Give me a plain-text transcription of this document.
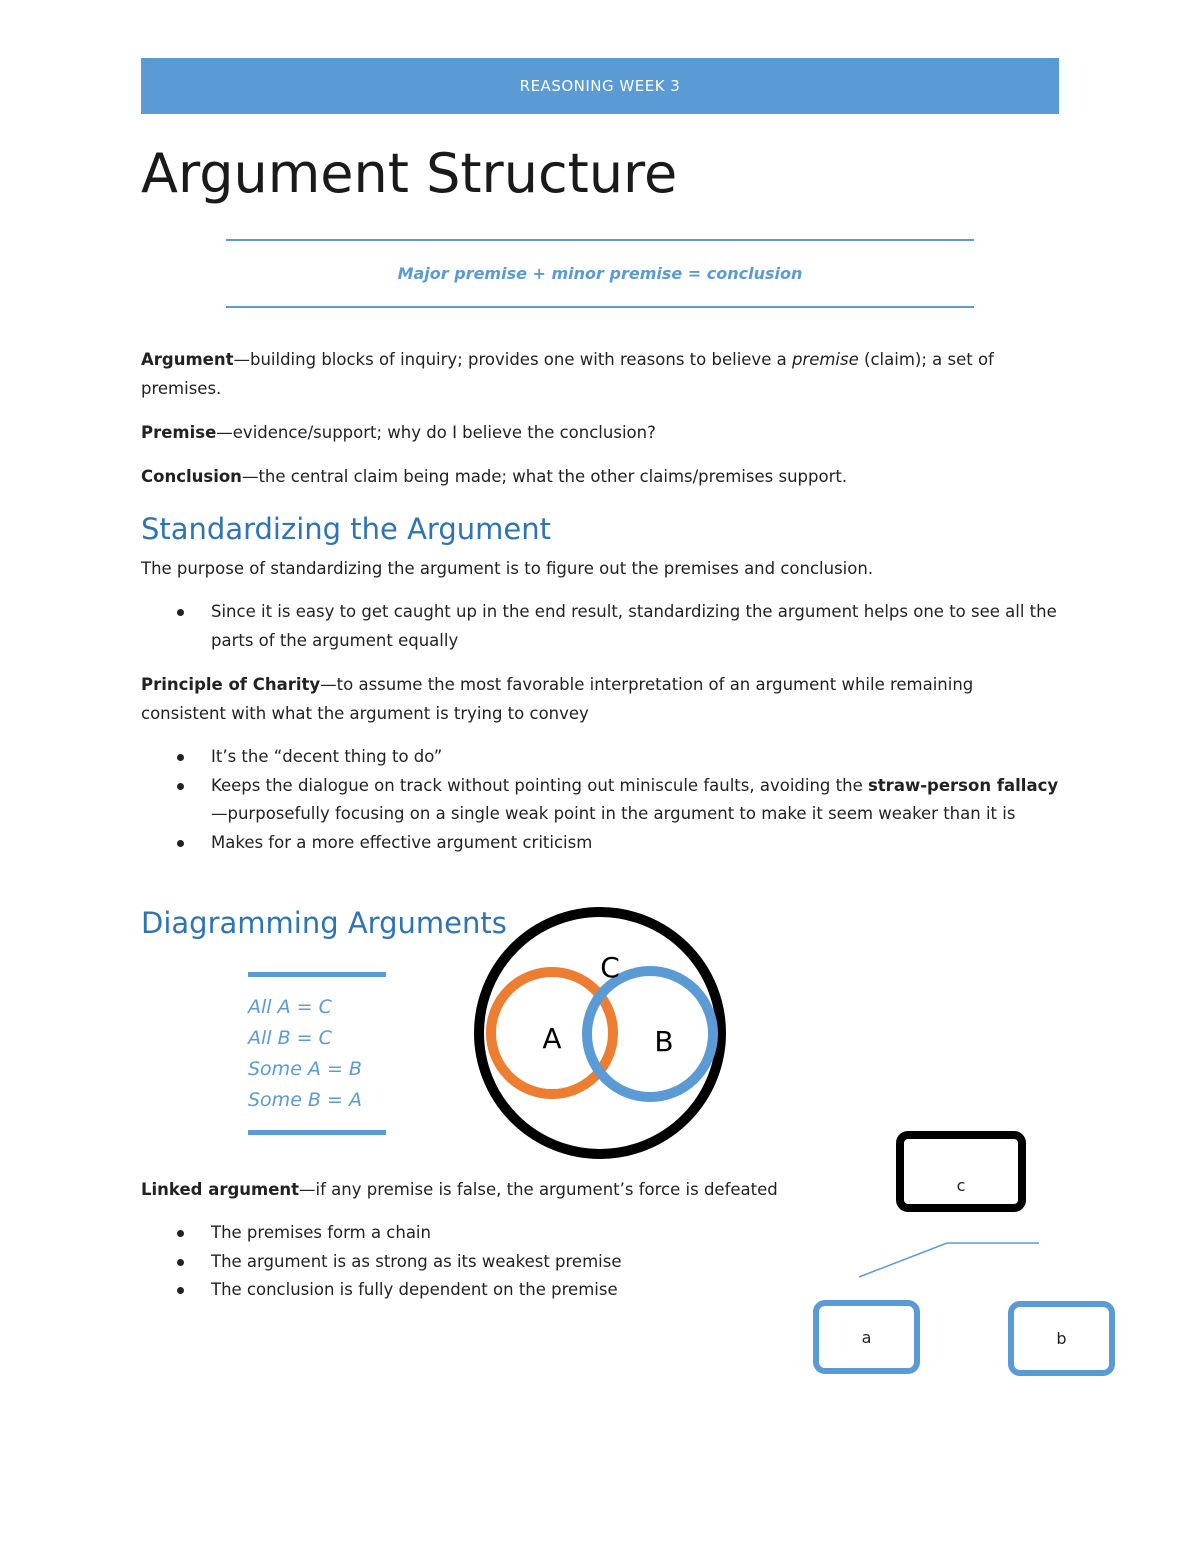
REASONING WEEK 3
Argument Structure
Major premise + minor premise = conclusion
Argument—building blocks of inquiry; provides one with reasons to believe a premise (claim); a set of premises.
Premise—evidence/support; why do I believe the conclusion?
Conclusion—the central claim being made; what the other claims/premises support.
Standardizing the Argument
The purpose of standardizing the argument is to figure out the premises and conclusion.
Since it is easy to get caught up in the end result, standardizing the argument helps one to see all the parts of the argument equally
Principle of Charity—to assume the most favorable interpretation of an argument while remaining consistent with what the argument is trying to convey
It’s the “decent thing to do”
Keeps the dialogue on track without pointing out miniscule faults, avoiding the straw-person fallacy—purposefully focusing on a single weak point in the argument to make it seem weaker than it is
Makes for a more effective argument criticism
Diagramming Arguments
All A = C
All B = C
Some A = B
Some B = A
C
A	B
Linked argument—if any premise is false, the argument’s force is defeated
The premises form a chain
The argument is as strong as its weakest premise
The conclusion is fully dependent on the premise
c
a	b
